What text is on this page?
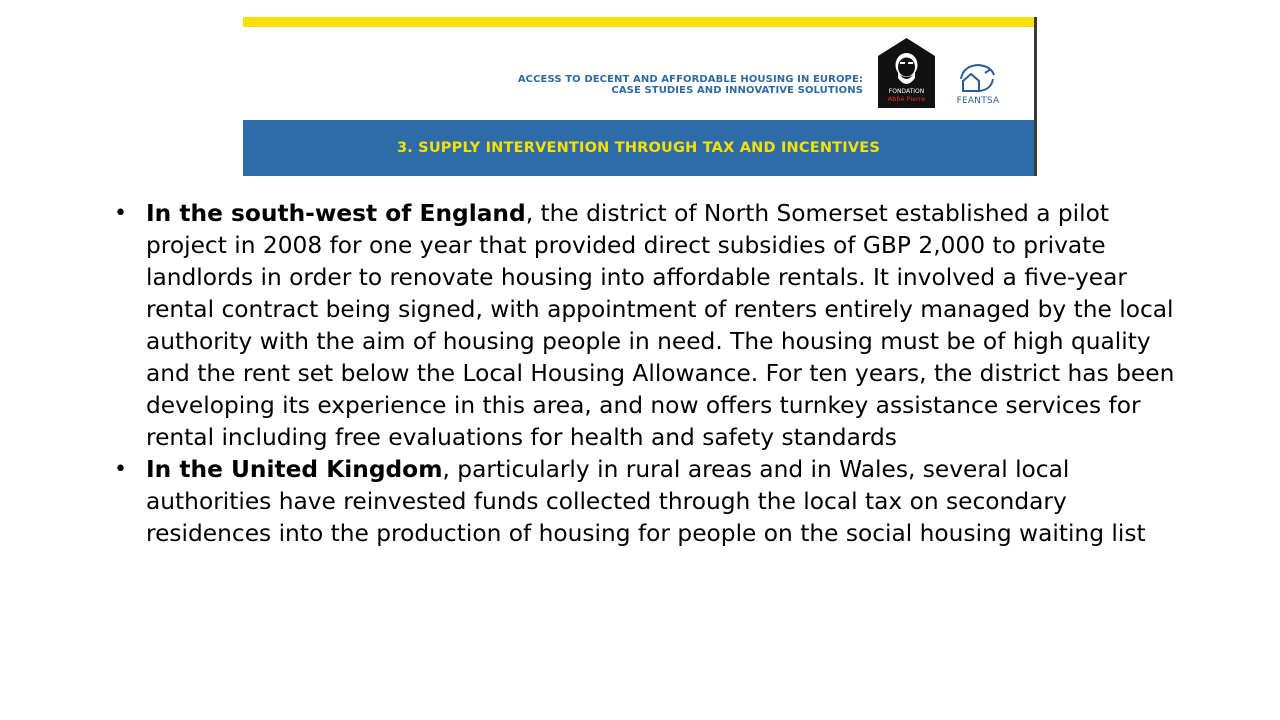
ACCESS TO DECENT AND AFFORDABLE HOUSING IN EUROPE:
CASE STUDIES AND INNOVATIVE SOLUTIONS	FONDATION
Abbé Pierre	FEANTSA
3. SUPPLY INTERVENTION THROUGH TAX AND INCENTIVES
• In the south-west of England, the district of North Somerset established a pilot project in 2008 for one year that provided direct subsidies of GBP 2,000 to private landlords in order to renovate housing into affordable rentals. It involved a five-year rental contract being signed, with appointment of renters entirely managed by the local authority with the aim of housing people in need. The housing must be of high quality and the rent set below the Local Housing Allowance. For ten years, the district has been developing its experience in this area, and now offers turnkey assistance services for rental including free evaluations for health and safety standards
• In the United Kingdom, particularly in rural areas and in Wales, several local authorities have reinvested funds collected through the local tax on secondary residences into the production of housing for people on the social housing waiting list
